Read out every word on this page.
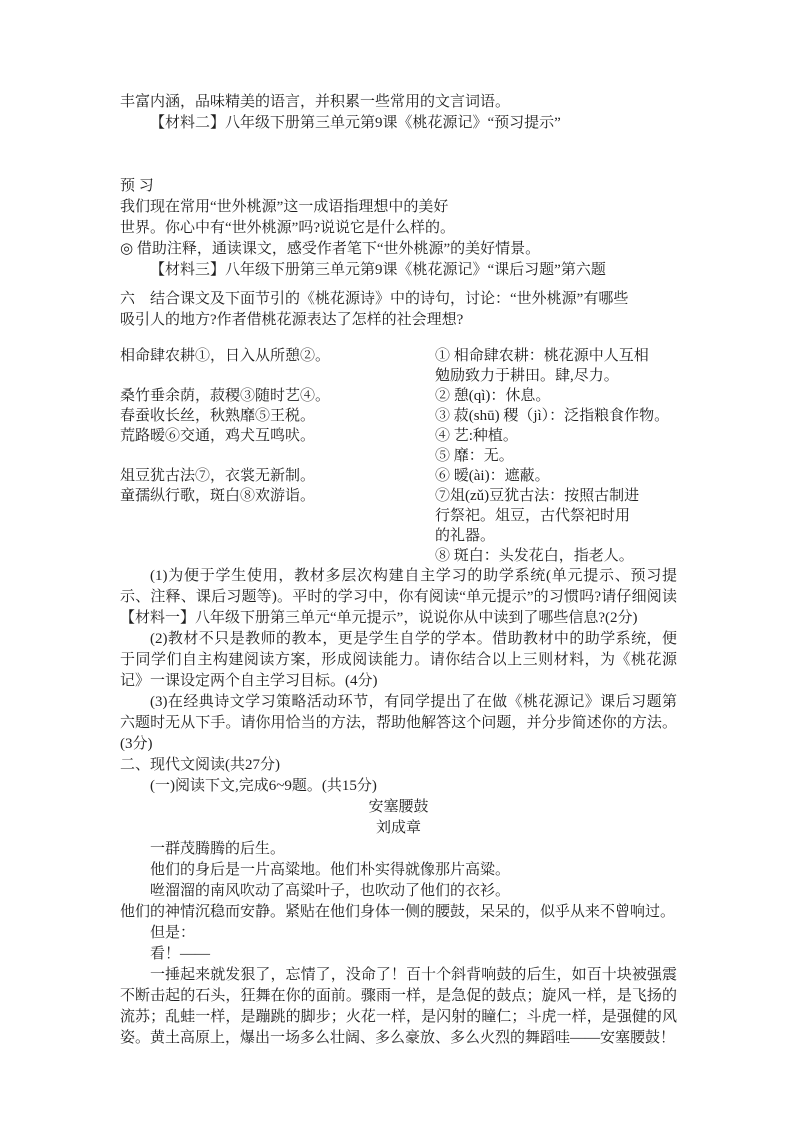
丰富内涵，品味精美的语言，并积累一些常用的文言词语。

【材料二】八年级下册第三单元第9课《桃花源记》“预习提示”

预 习

我们现在常用“世外桃源”这一成语指理想中的美好

世界。你心中有“世外桃源”吗?说说它是什么样的。

◎ 借助注释，通读课文，感受作者笔下“世外桃源”的美好情景。

【材料三】八年级下册第三单元第9课《桃花源记》“课后习题”第六题

六　结合课文及下面节引的《桃花源诗》中的诗句，讨论：“世外桃源”有哪些

吸引人的地方?作者借桃花源表达了怎样的社会理想?

相命肆农耕①，日入从所憩②。

桑竹垂余荫，菽稷③随时艺④。

春蚕收长丝，秋熟靡⑤王税。

荒路暧⑥交通，鸡犬互鸣吠。

俎豆犹古法⑦，衣裳无新制。

童孺纵行歌，斑白⑧欢游诣。

① 相命肆农耕：桃花源中人互相

勉励致力于耕田。肆,尽力。

② 憩(qì)：休息。

③ 菽(shū) 稷（jì）：泛指粮食作物。

④ 艺:种植。

⑤ 靡：无。

⑥ 暧(ài)：遮蔽。

⑦俎(zǔ)豆犹古法：按照古制进

行祭祀。俎豆，古代祭祀时用

的礼器。

⑧ 斑白：头发花白，指老人。

(1)为便于学生使用，教材多层次构建自主学习的助学系统(单元提示、预习提示、注释、课后习题等)。平时的学习中，你有阅读“单元提示”的习惯吗?请仔细阅读【材料一】八年级下册第三单元“单元提示”，说说你从中读到了哪些信息?(2分)

(2)教材不只是教师的教本，更是学生自学的学本。借助教材中的助学系统，便于同学们自主构建阅读方案，形成阅读能力。请你结合以上三则材料，为《桃花源记》一课设定两个自主学习目标。(4分)

(3)在经典诗文学习策略活动环节，有同学提出了在做《桃花源记》课后习题第六题时无从下手。请你用恰当的方法，帮助他解答这个问题，并分步简述你的方法。(3分)

二、现代文阅读(共27分)

(一)阅读下文,完成6~9题。(共15分)

安塞腰鼓

刘成章

一群茂腾腾的后生。

他们的身后是一片高粱地。他们朴实得就像那片高粱。

咝溜溜的南风吹动了高粱叶子，也吹动了他们的衣衫。

他们的神情沉稳而安静。紧贴在他们身体一侧的腰鼓，呆呆的，似乎从来不曾响过。

但是：

看！——

一捶起来就发狠了，忘情了，没命了！百十个斜背响鼓的后生，如百十块被强震不断击起的石头，狂舞在你的面前。骤雨一样，是急促的鼓点；旋风一样，是飞扬的流苏；乱蛙一样，是蹦跳的脚步；火花一样，是闪射的瞳仁；斗虎一样，是强健的风姿。黄土高原上，爆出一场多么壮阔、多么豪放、多么火烈的舞蹈哇——安塞腰鼓！
